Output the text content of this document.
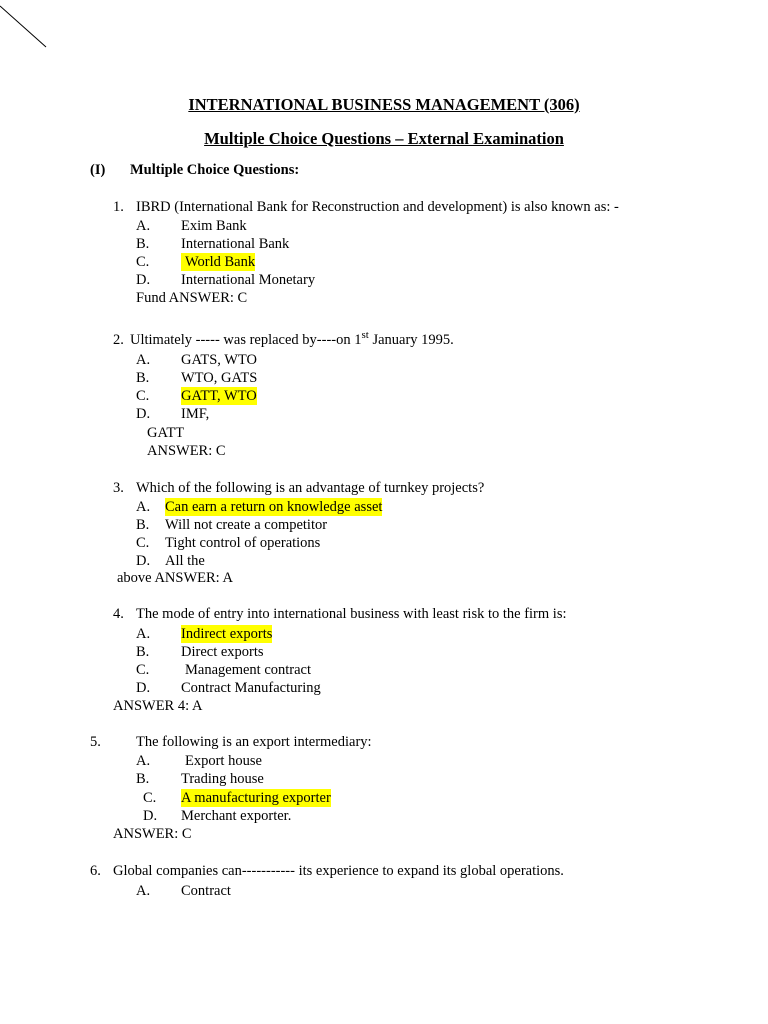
INTERNATIONAL BUSINESS MANAGEMENT (306)
Multiple Choice Questions – External Examination
(I) Multiple Choice Questions:
1. IBRD (International Bank for Reconstruction and development) is also known as: -
A. Exim Bank
B. International Bank
C. World Bank
D. International Monetary
Fund ANSWER: C
2. Ultimately ----- was replaced by----on 1st January 1995.
A. GATS, WTO
B. WTO, GATS
C. GATT, WTO
D. IMF,
GATT
ANSWER: C
3. Which of the following is an advantage of turnkey projects?
A. Can earn a return on knowledge asset
B. Will not create a competitor
C. Tight control of operations
D. All the
above ANSWER: A
4. The mode of entry into international business with least risk to the firm is:
A. Indirect exports
B. Direct exports
C. Management contract
D. Contract Manufacturing
ANSWER 4: A
5. The following is an export intermediary:
A. Export house
B. Trading house
C. A manufacturing exporter
D. Merchant exporter.
ANSWER: C
6. Global companies can----------- its experience to expand its global operations.
A. Contract
